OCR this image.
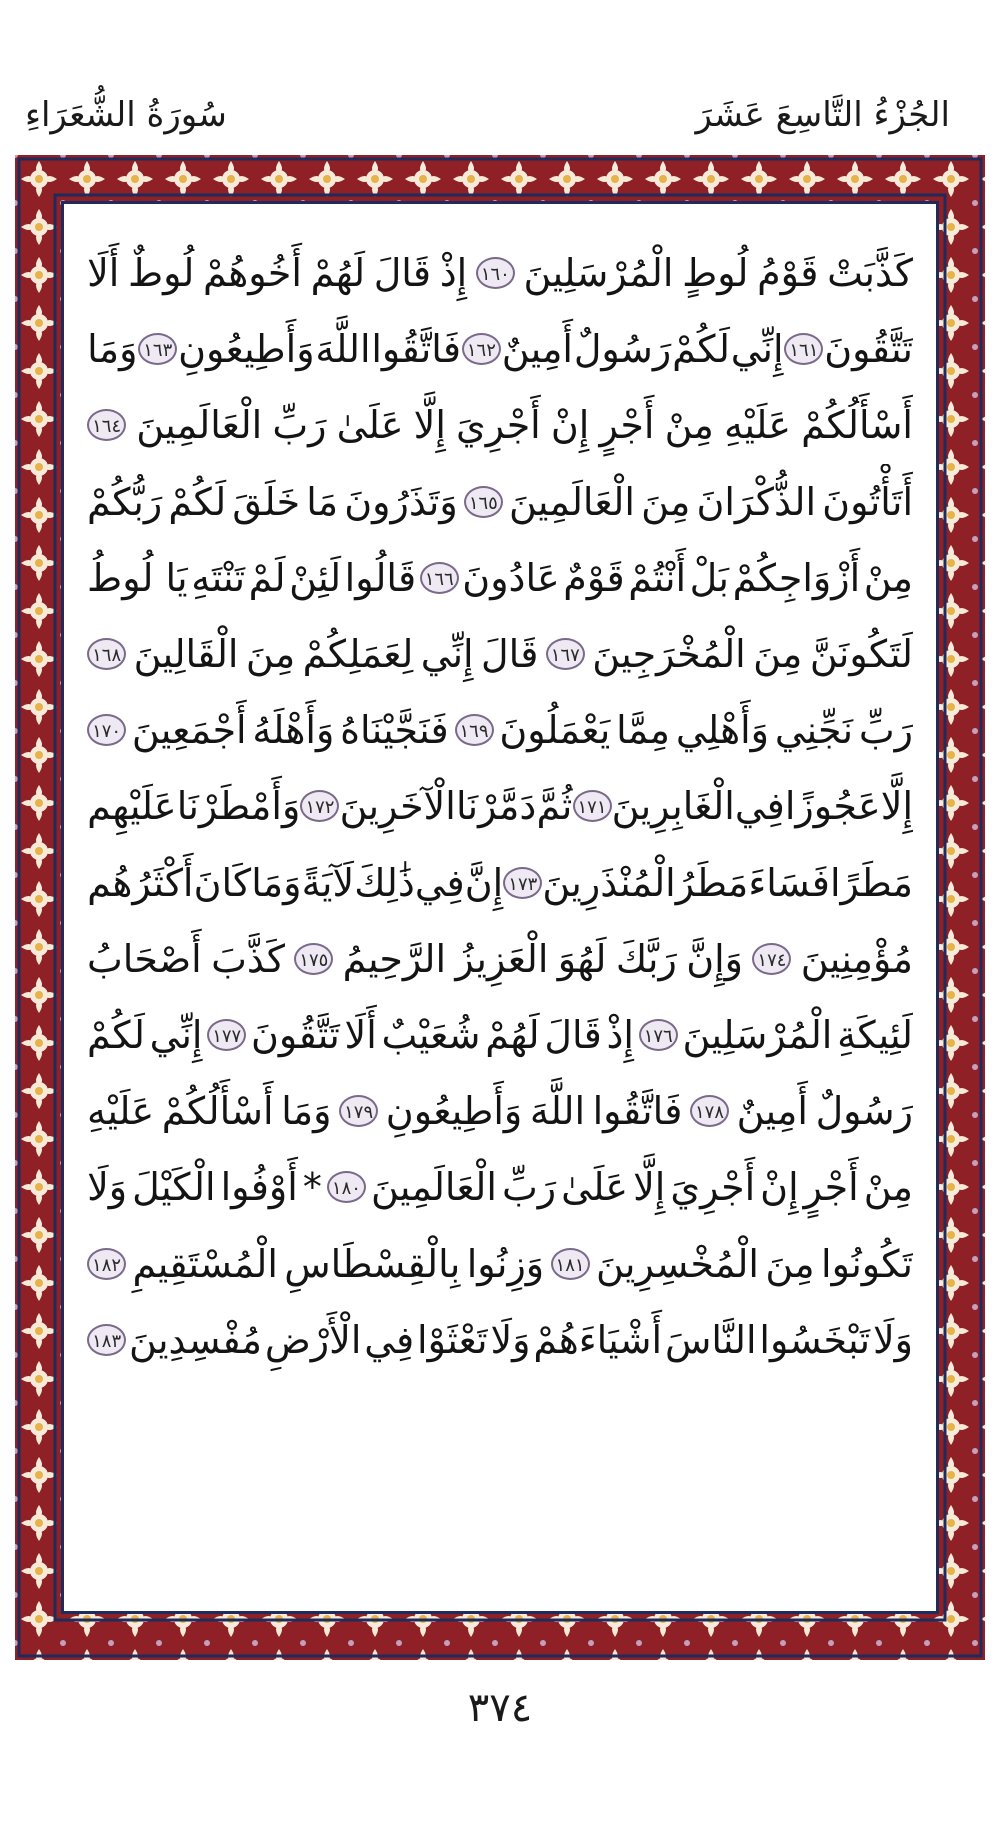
الجُزْءُ التَّاسِعَ عَشَرَ
سُورَةُ الشُّعَرَاءِ
كَذَّبَتْ
قَوْمُ
لُوطٍ
الْمُرْسَلِينَ
١٦٠
إِذْ
قَالَ
لَهُمْ
أَخُوهُمْ
لُوطٌ
أَلَا
تَتَّقُونَ
١٦١
إِنِّي
لَكُمْ
رَسُولٌ
أَمِينٌ
١٦٢
فَاتَّقُوا
اللَّهَ
وَأَطِيعُونِ
١٦٣
وَمَا
أَسْأَلُكُمْ
عَلَيْهِ
مِنْ
أَجْرٍ
إِنْ
أَجْرِيَ
إِلَّا
عَلَىٰ
رَبِّ
الْعَالَمِينَ
١٦٤
أَتَأْتُونَ
الذُّكْرَانَ
مِنَ
الْعَالَمِينَ
١٦٥
وَتَذَرُونَ
مَا
خَلَقَ
لَكُمْ
رَبُّكُمْ
مِنْ
أَزْوَاجِكُمْ
بَلْ
أَنْتُمْ
قَوْمٌ
عَادُونَ
١٦٦
قَالُوا
لَئِنْ
لَمْ
تَنْتَهِ
يَا لُوطُ
لَتَكُونَنَّ
مِنَ
الْمُخْرَجِينَ
١٦٧
قَالَ
إِنِّي
لِعَمَلِكُمْ
مِنَ
الْقَالِينَ
١٦٨
رَبِّ
نَجِّنِي
وَأَهْلِي
مِمَّا
يَعْمَلُونَ
١٦٩
فَنَجَّيْنَاهُ
وَأَهْلَهُ
أَجْمَعِينَ
١٧٠
إِلَّا
عَجُوزًا
فِي
الْغَابِرِينَ
١٧١
ثُمَّ
دَمَّرْنَا
الْآخَرِينَ
١٧٢
وَأَمْطَرْنَا
عَلَيْهِم
مَطَرًا
فَسَاءَ
مَطَرُ
الْمُنْذَرِينَ
١٧٣
إِنَّ
فِي
ذَٰلِكَ
لَآيَةً
وَمَا
كَانَ
أَكْثَرُهُم
مُؤْمِنِينَ
١٧٤
وَإِنَّ
رَبَّكَ
لَهُوَ
الْعَزِيزُ
الرَّحِيمُ
١٧٥
كَذَّبَ
أَصْحَابُ
لَئِيكَةِ
الْمُرْسَلِينَ
١٧٦
إِذْ
قَالَ
لَهُمْ
شُعَيْبٌ
أَلَا
تَتَّقُونَ
١٧٧
إِنِّي
لَكُمْ
رَسُولٌ
أَمِينٌ
١٧٨
فَاتَّقُوا
اللَّهَ
وَأَطِيعُونِ
١٧٩
وَمَا
أَسْأَلُكُمْ
عَلَيْهِ
مِنْ
أَجْرٍ
إِنْ
أَجْرِيَ
إِلَّا
عَلَىٰ
رَبِّ
الْعَالَمِينَ
١٨٠
*
أَوْفُوا
الْكَيْلَ
وَلَا
تَكُونُوا
مِنَ
الْمُخْسِرِينَ
١٨١
وَزِنُوا
بِالْقِسْطَاسِ
الْمُسْتَقِيمِ
١٨٢
وَلَا
تَبْخَسُوا
النَّاسَ
أَشْيَاءَهُمْ
وَلَا
تَعْثَوْا
فِي
الْأَرْضِ
مُفْسِدِينَ
١٨٣
٣٧٤
